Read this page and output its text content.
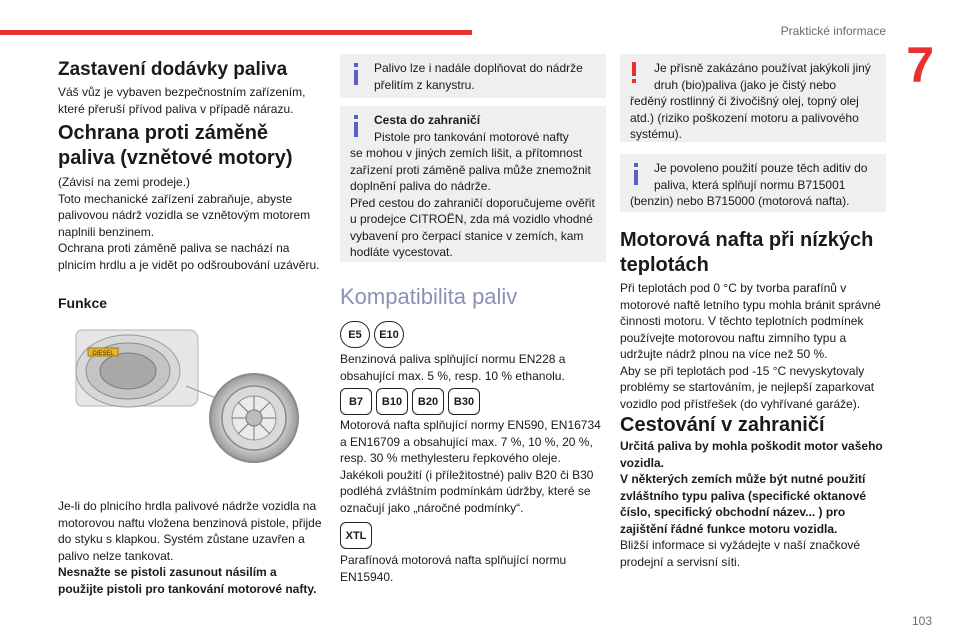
Praktické informace
7
103
Zastavení dodávky paliva
Váš vůz je vybaven bezpečnostním zařízením, které přeruší přívod paliva v případě nárazu.
Ochrana proti záměně paliva (vznětové motory)
(Závisí na zemi prodeje.)
Toto mechanické zařízení zabraňuje, abyste palivovou nádrž vozidla se vznětovým motorem naplnili benzinem.
Ochrana proti záměně paliva se nachází na plnicím hrdlu a je vidět po odšroubování uzávěru.
Funkce
DIESEL
Je-li do plnicího hrdla palivové nádrže vozidla na motorovou naftu vložena benzinová pistole, přijde do styku s klapkou. Systém zůstane uzavřen a palivo nelze tankovat.
Nesnažte se pistoli zasunout násilím a použijte pistoli pro tankování motorové nafty.
Palivo lze i nadále doplňovat do nádrže přelitím z kanystru.
Cesta do zahraničí
Pistole pro tankování motorové nafty
se mohou v jiných zemích lišit, a přítomnost zařízení proti záměně paliva může znemožnit doplnění paliva do nádrže.
Před cestou do zahraničí doporučujeme ověřit u prodejce CITROËN, zda má vozidlo vhodné vybavení pro čerpací stanice v zemích, kam hodláte vycestovat.
Kompatibilita paliv
E5	E10
Benzinová paliva splňující normu EN228 a obsahující max. 5 %, resp. 10 % ethanolu.
B7	B10	B20	B30
Motorová nafta splňující normy EN590, EN16734 a EN16709 a obsahující max. 7 %, 10 %, 20 %, resp. 30 % methylesteru řepkového oleje.
Jakékoli použití (i příležitostné) paliv B20 či B30 podléhá zvláštním podmínkám údržby, které se označují jako „náročné podmínky“.
XTL
Parafínová motorová nafta splňující normu EN15940.
Je přísně zakázáno používat jakýkoli jiný druh (bio)paliva (jako je čistý nebo
ředěný rostlinný či živočišný olej, topný olej atd.) (riziko poškození motoru a palivového systému).
Je povoleno použití pouze těch aditiv do paliva, která splňují normu B715001
(benzin) nebo B715000 (motorová nafta).
Motorová nafta při nízkých teplotách
Při teplotách pod 0 °C by tvorba parafínů v motorové naftě letního typu mohla bránit správné činnosti motoru. V těchto teplotních podmínek používejte motorovou naftu zimního typu a udržujte nádrž plnou na více než 50 %.
Aby se při teplotách pod -15 °C nevyskytovaly problémy se startováním, je nejlepší zaparkovat vozidlo pod přístřešek (do vyhřívané garáže).
Cestování v zahraničí
Určitá paliva by mohla poškodit motor vašeho vozidla.
V některých zemích může být nutné použití zvláštního typu paliva (specifické oktanové číslo, specifický obchodní název... ) pro zajištění řádné funkce motoru vozidla.
Bližší informace si vyžádejte v naší značkové prodejní a servisní síti.
